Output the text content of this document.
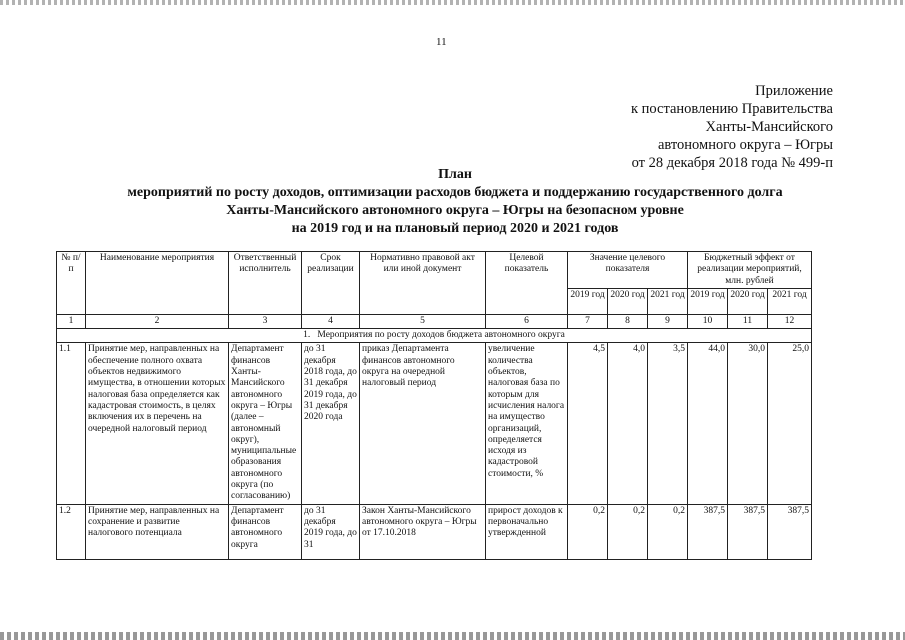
11
Приложение
к постановлению Правительства
Ханты-Мансийского
автономного округа – Югры
от 28 декабря 2018 года № 499-п
План
мероприятий по росту доходов, оптимизации расходов бюджета и поддержанию государственного долга
Ханты-Мансийского автономного округа – Югры на безопасном уровне
на 2019 год и на плановый период 2020 и 2021 годов
№ п/п	Наименование мероприятия	Ответственный исполнитель	Срок реализации	Нормативно правовой акт или иной документ	Целевой показатель	Значение целевого показателя			Бюджетный эффект от реализации мероприятий, млн. рублей		
						2019 год	2020 год	2021 год	2019 год	2020 год	2021 год
1	2	3	4	5	6	7	8	9	10	11	12
1.   Мероприятия по росту доходов бюджета автономного округа											
1.1	Принятие мер, направленных на обеспечение полного охвата объектов недвижимого имущества, в отношении которых налоговая база определяется как кадастровая стоимость, в целях включения их в перечень на очередной налоговый период	Департамент финансов Ханты-Мансийского автономного округа – Югры (далее – автономный округ), муниципальные образования автономного округа (по согласованию)	до 31 декабря 2018 года, до 31 декабря 2019 года, до 31 декабря 2020 года	приказ Департамента финансов автономного округа на очередной налоговый период	увеличение количества объектов, налоговая база по которым для исчисления налога на имущество организаций, определяется исходя из кадастровой стоимости, %	4,5	4,0	3,5	44,0	30,0	25,0
1.2	Принятие мер, направленных на сохранение и развитие налогового потенциала	Департамент финансов автономного округа	до 31 декабря 2019 года, до 31	Закон Ханты-Мансийского автономного округа – Югры от 17.10.2018	прирост доходов к первоначально утвержденной	0,2	0,2	0,2	387,5	387,5	387,5
